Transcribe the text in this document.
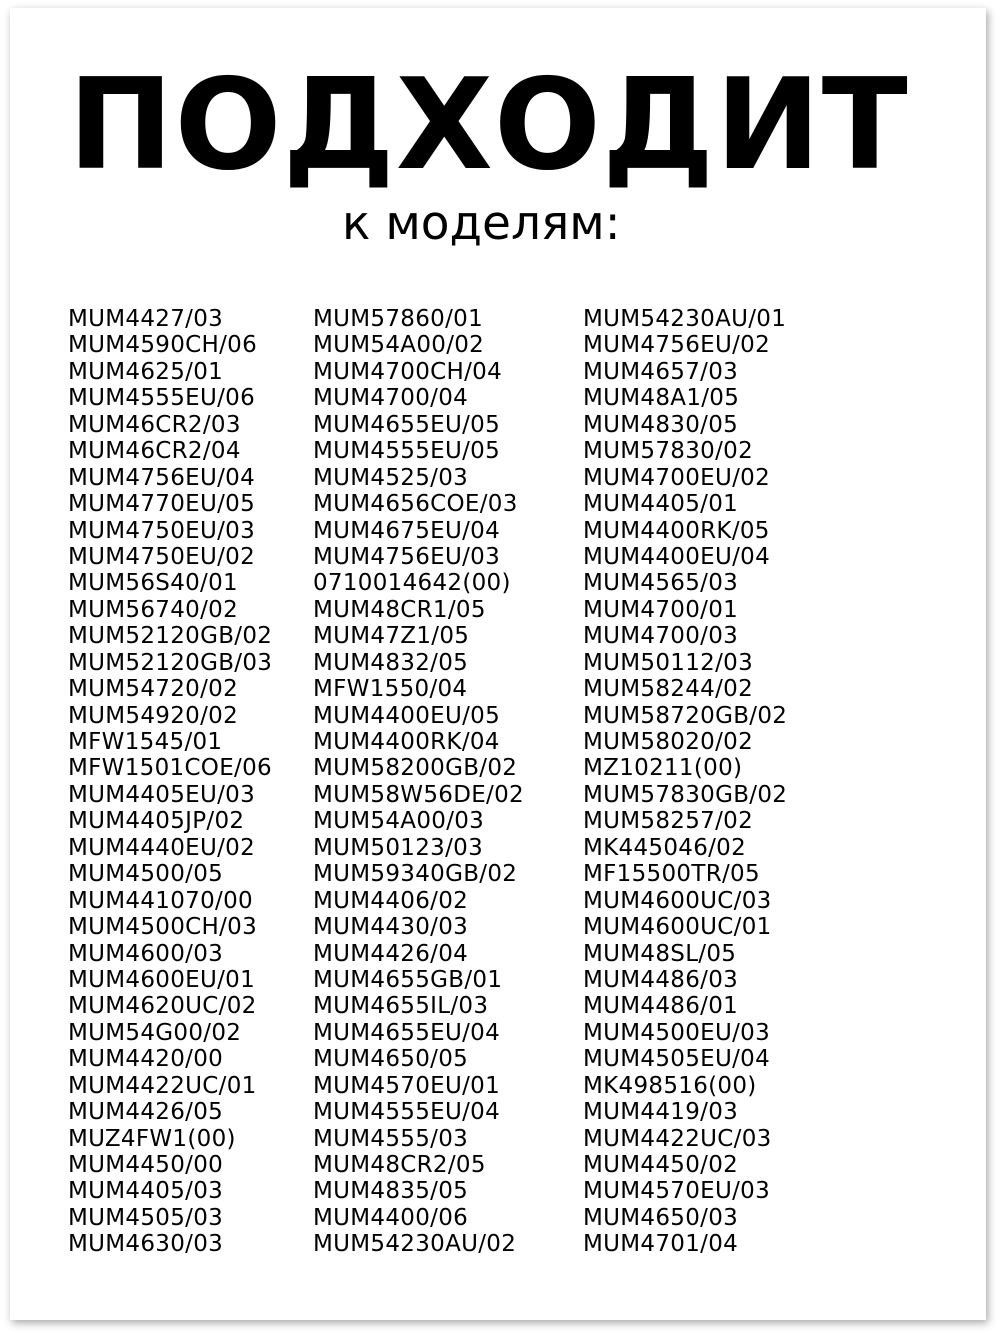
ПОДХОДИТ
к моделям:
MUM4427/03
MUM4590CH/06
MUM4625/01
MUM4555EU/06
MUM46CR2/03
MUM46CR2/04
MUM4756EU/04
MUM4770EU/05
MUM4750EU/03
MUM4750EU/02
MUM56S40/01
MUM56740/02
MUM52120GB/02
MUM52120GB/03
MUM54720/02
MUM54920/02
MFW1545/01
MFW1501COE/06
MUM4405EU/03
MUM4405JP/02
MUM4440EU/02
MUM4500/05
MUM441070/00
MUM4500CH/03
MUM4600/03
MUM4600EU/01
MUM4620UC/02
MUM54G00/02
MUM4420/00
MUM4422UC/01
MUM4426/05
MUZ4FW1(00)
MUM4450/00
MUM4405/03
MUM4505/03
MUM4630/03
MUM57860/01
MUM54A00/02
MUM4700CH/04
MUM4700/04
MUM4655EU/05
MUM4555EU/05
MUM4525/03
MUM4656COE/03
MUM4675EU/04
MUM4756EU/03
0710014642(00)
MUM48CR1/05
MUM47Z1/05
MUM4832/05
MFW1550/04
MUM4400EU/05
MUM4400RK/04
MUM58200GB/02
MUM58W56DE/02
MUM54A00/03
MUM50123/03
MUM59340GB/02
MUM4406/02
MUM4430/03
MUM4426/04
MUM4655GB/01
MUM4655IL/03
MUM4655EU/04
MUM4650/05
MUM4570EU/01
MUM4555EU/04
MUM4555/03
MUM48CR2/05
MUM4835/05
MUM4400/06
MUM54230AU/02
MUM54230AU/01
MUM4756EU/02
MUM4657/03
MUM48A1/05
MUM4830/05
MUM57830/02
MUM4700EU/02
MUM4405/01
MUM4400RK/05
MUM4400EU/04
MUM4565/03
MUM4700/01
MUM4700/03
MUM50112/03
MUM58244/02
MUM58720GB/02
MUM58020/02
MZ10211(00)
MUM57830GB/02
MUM58257/02
MK445046/02
MF15500TR/05
MUM4600UC/03
MUM4600UC/01
MUM48SL/05
MUM4486/03
MUM4486/01
MUM4500EU/03
MUM4505EU/04
MK498516(00)
MUM4419/03
MUM4422UC/03
MUM4450/02
MUM4570EU/03
MUM4650/03
MUM4701/04
